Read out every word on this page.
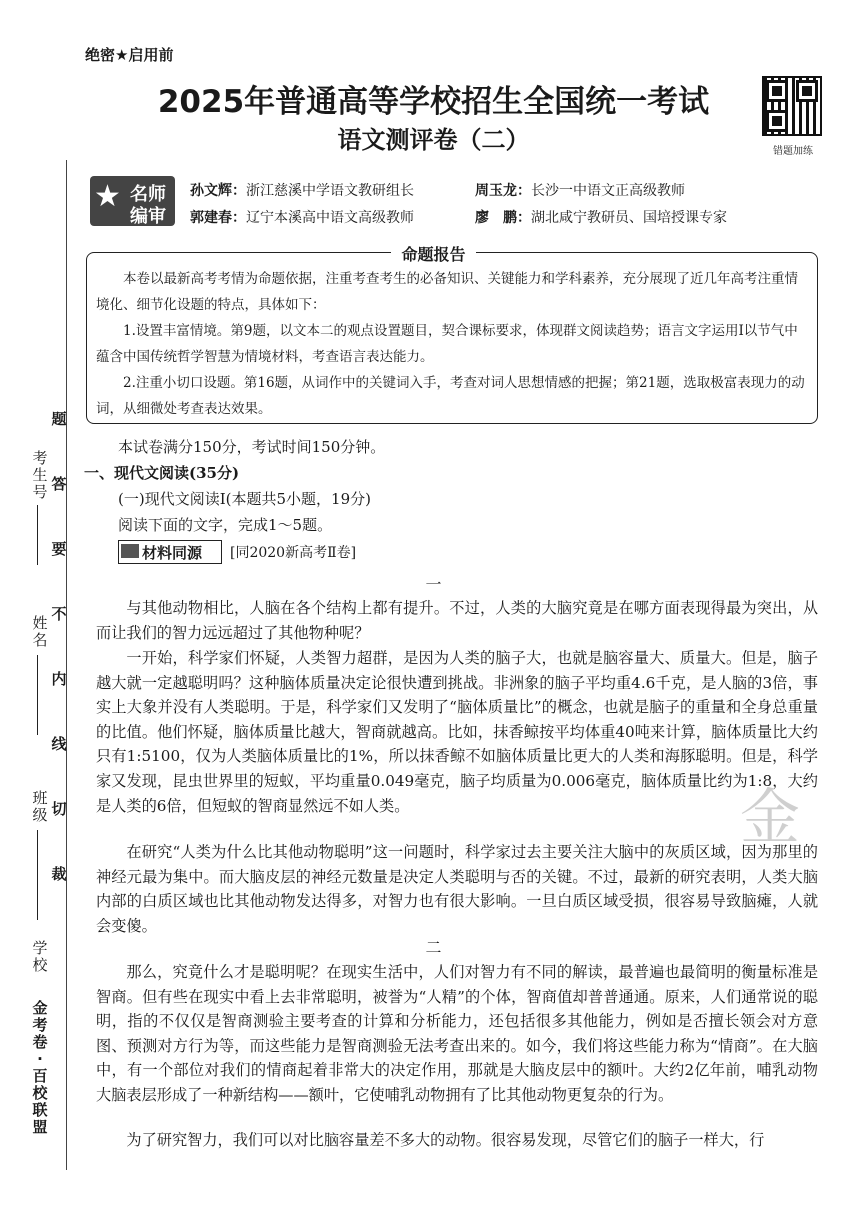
绝密★启用前
2025年普通高等学校招生全国统一考试
语文测评卷（二）	错题加练
★ 名师
编审
孙文辉：浙江慈溪中学语文教研组长	周玉龙：长沙一中语文正高级教师
郭建春：辽宁本溪高中语文高级教师	廖　鹏：湖北咸宁教研员、国培授课专家
命题报告
本卷以最新高考考情为命题依据，注重考查考生的必备知识、关键能力和学科素养，充分展现了近几年高考注重情境化、细节化设题的特点，具体如下：
1.设置丰富情境。第9题，以文本二的观点设置题目，契合课标要求，体现群文阅读趋势；语言文字运用Ⅰ以节气中蕴含中国传统哲学智慧为情境材料，考查语言表达能力。
2.注重小切口设题。第16题，从词作中的关键词入手，考查对词人思想情感的把握；第21题，选取极富表现力的动词，从细微处考查表达效果。
本试卷满分150分，考试时间150分钟。
一、现代文阅读(35分)
(一)现代文阅读Ⅰ(本题共5小题，19分)
阅读下面的文字，完成1～5题。
材料同源 [同2020新高考Ⅱ卷]
一
与其他动物相比，人脑在各个结构上都有提升。不过，人类的大脑究竟是在哪方面表现得最为突出，从而让我们的智力远远超过了其他物种呢？
一开始，科学家们怀疑，人类智力超群，是因为人类的脑子大，也就是脑容量大、质量大。但是，脑子越大就一定越聪明吗？这种脑体质量决定论很快遭到挑战。非洲象的脑子平均重4.6千克，是人脑的3倍，事实上大象并没有人类聪明。于是，科学家们又发明了“脑体质量比”的概念，也就是脑子的重量和全身总重量的比值。他们怀疑，脑体质量比越大，智商就越高。比如，抹香鲸按平均体重40吨来计算，脑体质量比大约只有1:5100，仅为人类脑体质量比的1%，所以抹香鲸不如脑体质量比更大的人类和海豚聪明。但是，科学家又发现，昆虫世界里的短蚁，平均重量0.049毫克，脑子均质量为0.006毫克，脑体质量比约为1:8，大约是人类的6倍，但短蚁的智商显然远不如人类。
在研究“人类为什么比其他动物聪明”这一问题时，科学家过去主要关注大脑中的灰质区域，因为那里的神经元最为集中。而大脑皮层的神经元数量是决定人类聪明与否的关键。不过，最新的研究表明，人类大脑内部的白质区域也比其他动物发达得多，对智力也有很大影响。一旦白质区域受损，很容易导致脑瘫，人就会变傻。
二
那么，究竟什么才是聪明呢？在现实生活中，人们对智力有不同的解读，最普遍也最简明的衡量标准是智商。但有些在现实中看上去非常聪明，被誉为“人精”的个体，智商值却普普通通。原来，人们通常说的聪明，指的不仅仅是智商测验主要考查的计算和分析能力，还包括很多其他能力，例如是否擅长领会对方意图、预测对方行为等，而这些能力是智商测验无法考查出来的。如今，我们将这些能力称为“情商”。在大脑中，有一个部位对我们的情商起着非常大的决定作用，那就是大脑皮层中的额叶。大约2亿年前，哺乳动物大脑表层形成了一种新结构——额叶，它使哺乳动物拥有了比其他动物更复杂的行为。
为了研究智力，我们可以对比脑容量差不多大的动物。很容易发现，尽管它们的脑子一样大，行
金
考生号
姓名
班级
学校
题
答
要
不
内
线
切
裁
金考卷·百校联盟
